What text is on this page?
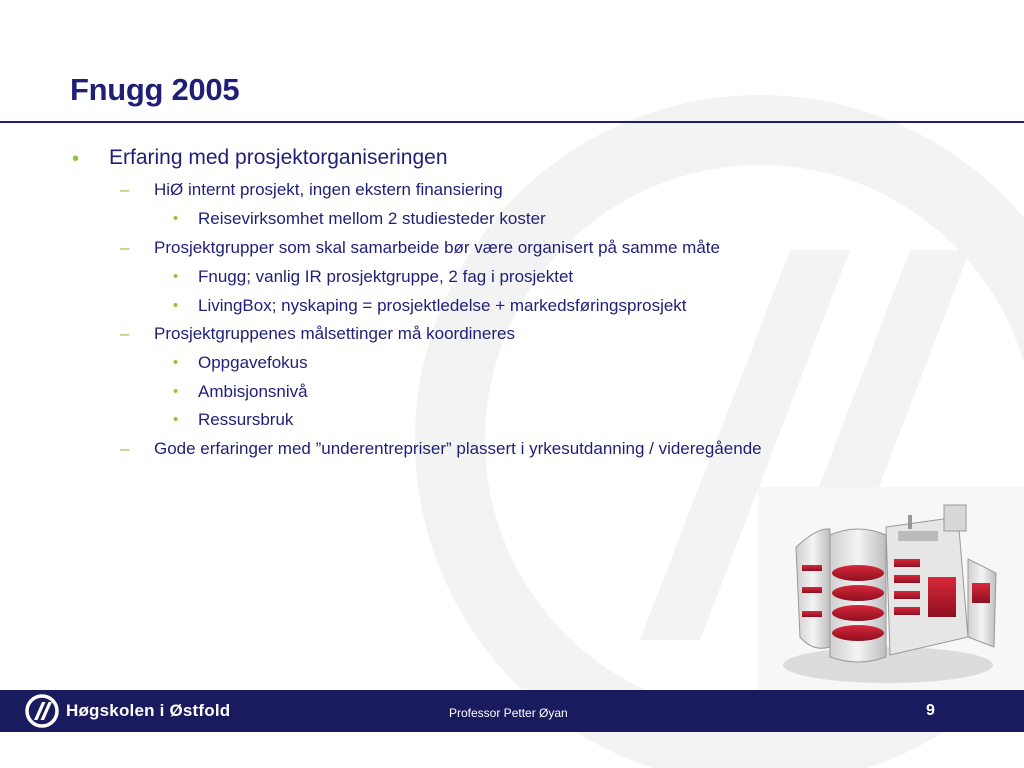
Fnugg 2005
• Erfaring med prosjektorganiseringen
– HiØ internt prosjekt, ingen ekstern finansiering
• Reisevirksomhet mellom 2 studiesteder koster
– Prosjektgrupper som skal samarbeide bør være organisert på samme måte
• Fnugg; vanlig IR prosjektgruppe, 2 fag i prosjektet
• LivingBox; nyskaping = prosjektledelse + markedsføringsprosjekt
– Prosjektgruppenes målsettinger må koordineres
• Oppgavefokus
• Ambisjonsnivå
• Ressursbruk
– Gode erfaringer med ”underentrepriser” plassert i yrkesutdanning / videregående
Høgskolen i Østfold	Professor Petter Øyan	9
